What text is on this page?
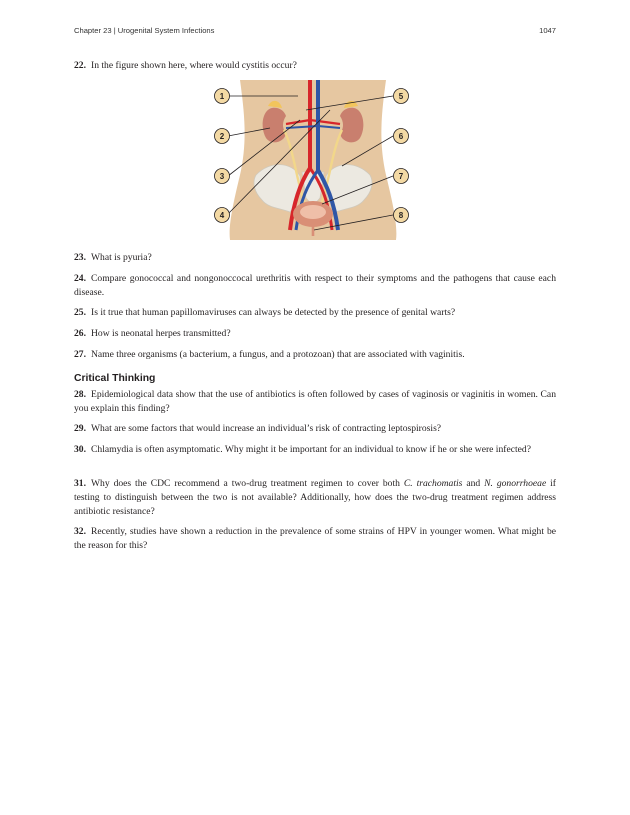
Chapter 23 | Urogenital System Infections	1047
22. In the figure shown here, where would cystitis occur?
1
2
3
4
5
6
7
8
23. What is pyuria?
24. Compare gonococcal and nongonoccocal urethritis with respect to their symptoms and the pathogens that cause each disease.
25. Is it true that human papillomaviruses can always be detected by the presence of genital warts?
26. How is neonatal herpes transmitted?
27. Name three organisms (a bacterium, a fungus, and a protozoan) that are associated with vaginitis.
Critical Thinking
28. Epidemiological data show that the use of antibiotics is often followed by cases of vaginosis or vaginitis in women. Can you explain this finding?
29. What are some factors that would increase an individual’s risk of contracting leptospirosis?
30. Chlamydia is often asymptomatic. Why might it be important for an individual to know if he or she were infected?
31. Why does the CDC recommend a two-drug treatment regimen to cover both C. trachomatis and N. gonorrhoeae if testing to distinguish between the two is not available? Additionally, how does the two-drug treatment regimen address antibiotic resistance?
32. Recently, studies have shown a reduction in the prevalence of some strains of HPV in younger women. What might be the reason for this?
